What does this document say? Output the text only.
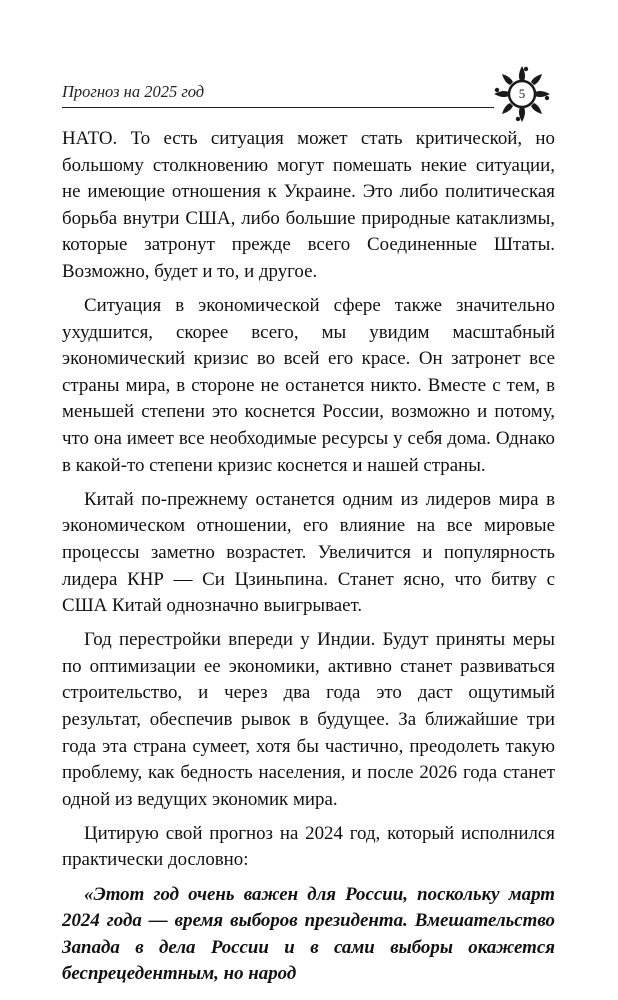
Прогноз на 2025 год	5

НАТО. То есть ситуация может стать критической, но большому столкновению могут помешать некие ситуации, не имеющие отношения к Украине. Это либо политическая борьба внутри США, либо большие природные катаклизмы, которые затронут прежде всего Соединенные Штаты. Возможно, будет и то, и другое.

Ситуация в экономической сфере также значительно ухудшится, скорее всего, мы увидим масштабный экономический кризис во всей его красе. Он затронет все страны мира, в стороне не останется никто. Вместе с тем, в меньшей степени это коснется России, возможно и потому, что она имеет все необходимые ресурсы у себя дома. Однако в какой-то степени кризис коснется и нашей страны.

Китай по-прежнему останется одним из лидеров мира в экономическом отношении, его влияние на все мировые процессы заметно возрастет. Увеличится и популярность лидера КНР — Си Цзиньпина. Станет ясно, что битву с США Китай однозначно выигрывает.

Год перестройки впереди у Индии. Будут приняты меры по оптимизации ее экономики, активно станет развиваться строительство, и через два года это даст ощутимый результат, обеспечив рывок в будущее. За ближайшие три года эта страна сумеет, хотя бы частично, преодолеть такую проблему, как бедность населения, и после 2026 года станет одной из ведущих экономик мира.

Цитирую свой прогноз на 2024 год, который исполнился практически дословно:

«Этот год очень важен для России, поскольку март 2024 года — время выборов президента. Вмешательство Запада в дела России и в сами выборы окажется беспрецедентным, но народ
